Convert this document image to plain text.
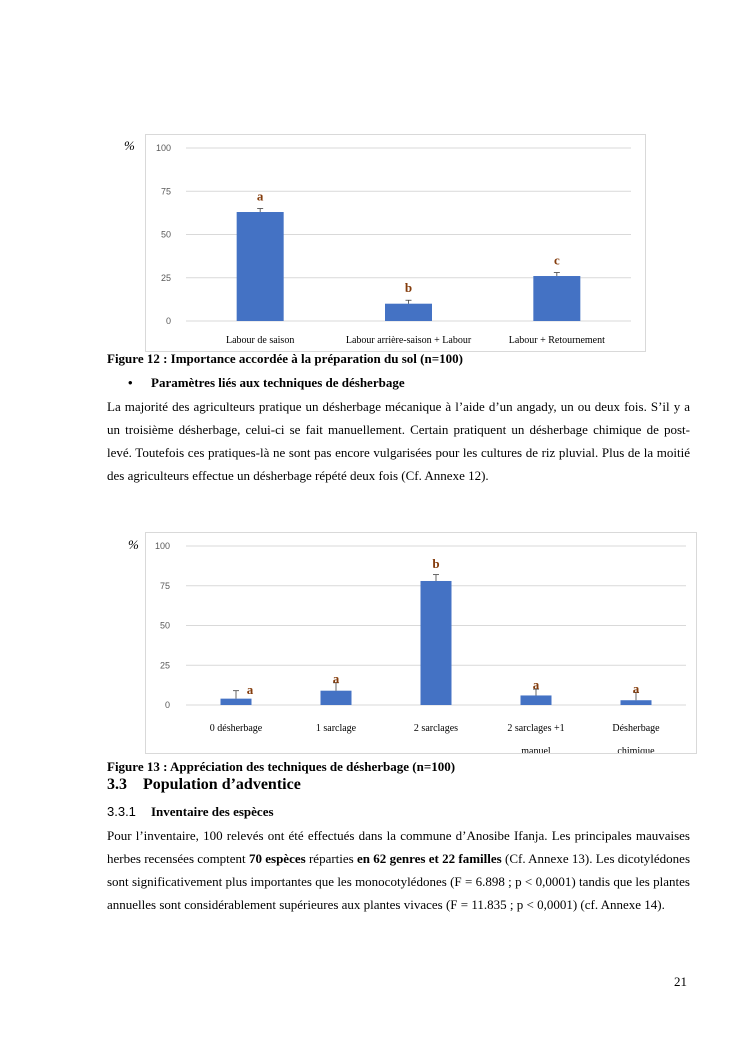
%
0
25
50
75
100
a
Labour de saison
b
Labour arrière-saison + Labour
c
Labour + Retournement
Figure 12 : Importance accordée à la préparation du sol (n=100)
• Paramètres liés aux techniques de désherbage

La majorité des agriculteurs pratique un désherbage mécanique à l’aide d’un angady, un ou deux fois. S’il y a un troisième désherbage, celui-ci se fait manuellement. Certain pratiquent un désherbage chimique de post-levé. Toutefois ces pratiques-là ne sont pas encore vulgarisées pour les cultures de riz pluvial. Plus de la moitié des agriculteurs effectue un désherbage répété deux fois (Cf. Annexe 12).

%
0
25
50
75
100
a
0 désherbage
a
1 sarclage
b
2 sarclages
a
2 sarclages +1 manuel
a
Désherbage chimique
Figure 13 : Appréciation des techniques de désherbage (n=100)
3.3 Population d’adventice
3.3.1 Inventaire des espèces

Pour l’inventaire, 100 relevés ont été effectués dans la commune d’Anosibe Ifanja. Les principales mauvaises herbes recensées comptent 70 espèces réparties en 62 genres et 22 familles (Cf. Annexe 13). Les dicotylédones sont significativement plus importantes que les monocotylédones (F = 6.898 ; p < 0,0001) tandis que les plantes annuelles sont considérablement supérieures aux plantes vivaces (F = 11.835 ; p < 0,0001) (cf. Annexe 14).

21
